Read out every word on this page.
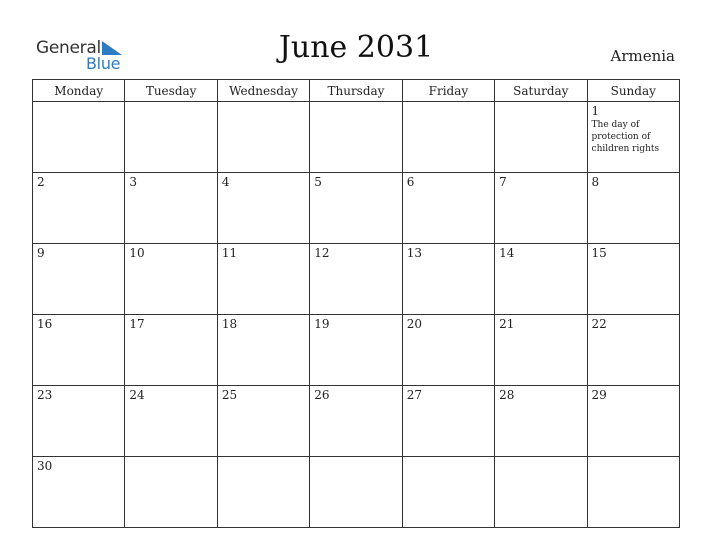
General
Blue	June 2031	Armenia
Monday	Tuesday	Wednesday	Thursday	Friday	Saturday	Sunday

						1
The day of protection of children rights

2	3	4	5	6	7	8

9	10	11	12	13	14	15

16	17	18	19	20	21	22

23	24	25	26	27	28	29

30						
